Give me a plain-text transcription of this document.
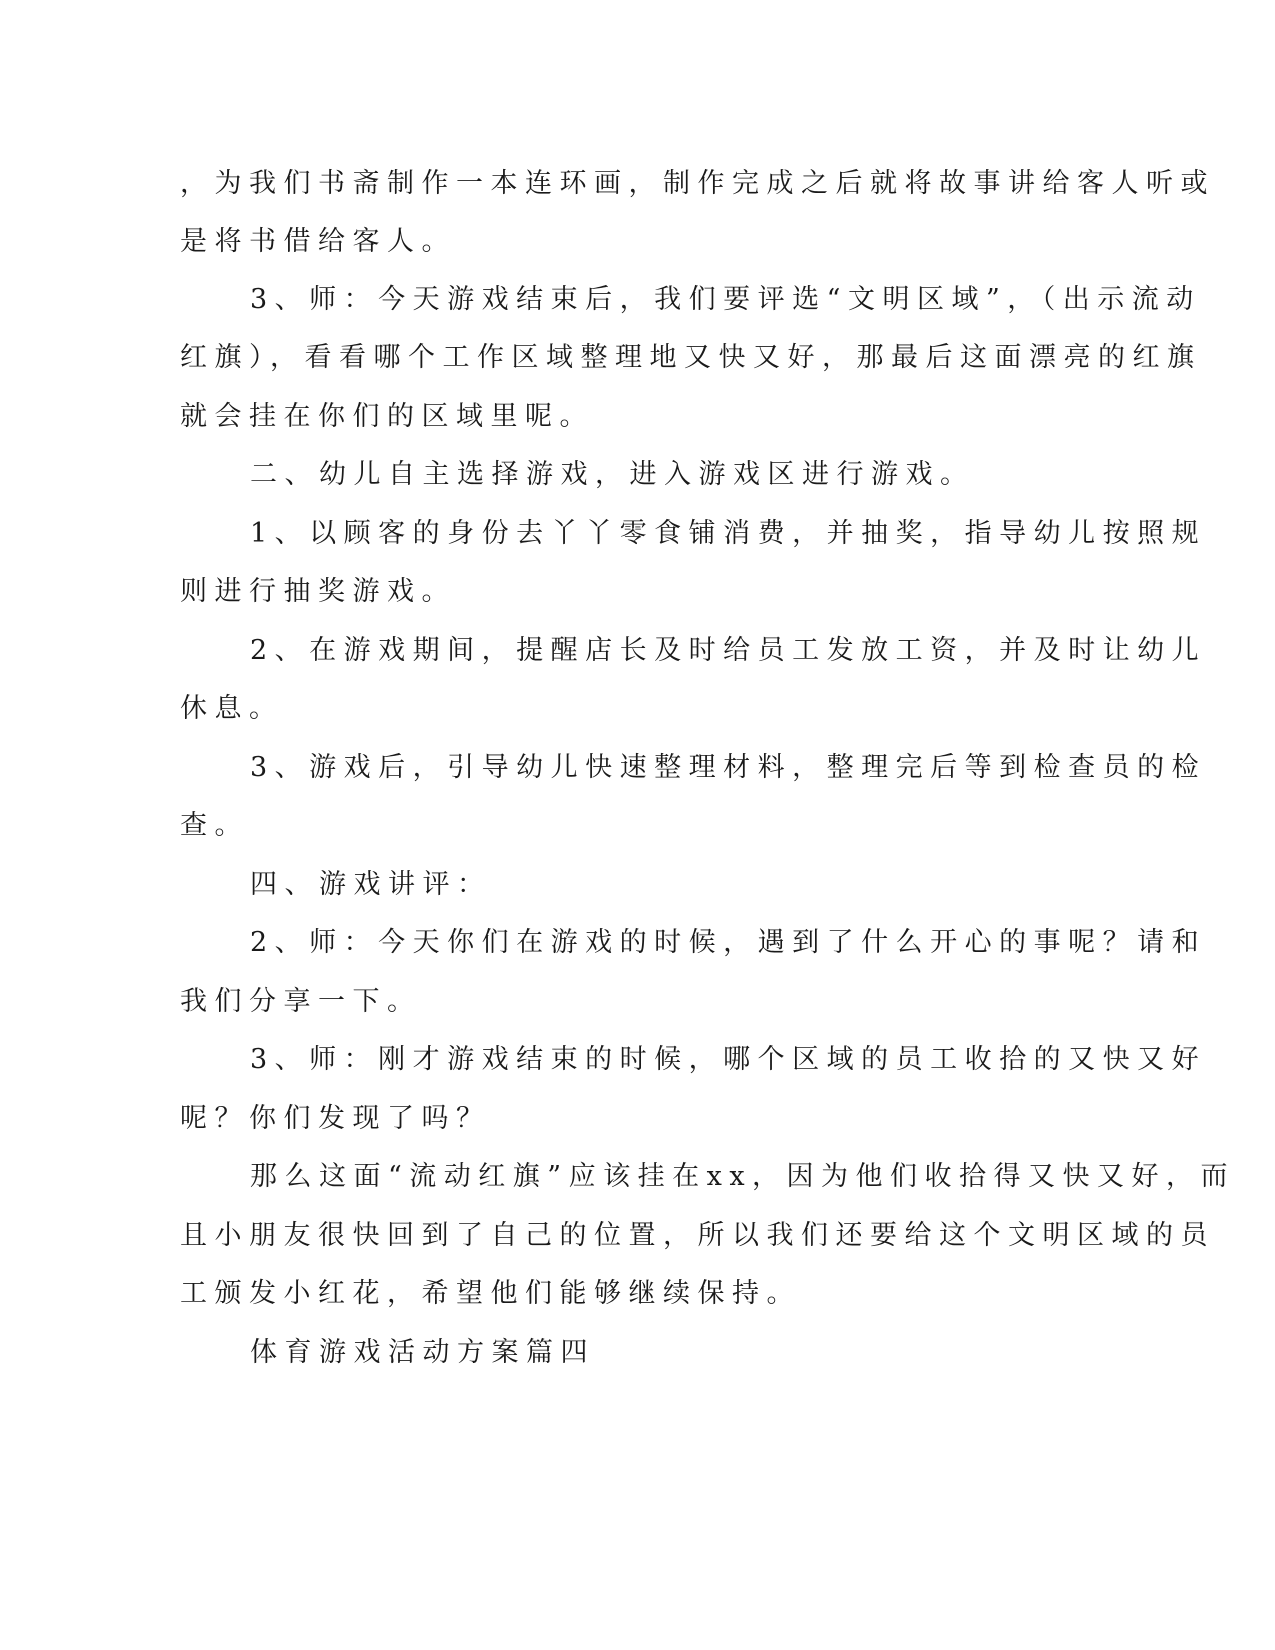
，为我们书斋制作一本连环画，制作完成之后就将故事讲给客人听或

是将书借给客人。

3、师：今天游戏结束后，我们要评选“文明区域”，（出示流动

红旗），看看哪个工作区域整理地又快又好，那最后这面漂亮的红旗

就会挂在你们的区域里呢。

二、幼儿自主选择游戏，进入游戏区进行游戏。

1、以顾客的身份去丫丫零食铺消费，并抽奖，指导幼儿按照规

则进行抽奖游戏。

2、在游戏期间，提醒店长及时给员工发放工资，并及时让幼儿

休息。

3、游戏后，引导幼儿快速整理材料，整理完后等到检查员的检

查。

四、游戏讲评：

2、师：今天你们在游戏的时候，遇到了什么开心的事呢？请和

我们分享一下。

3、师：刚才游戏结束的时候，哪个区域的员工收拾的又快又好

呢？你们发现了吗？

那么这面“流动红旗”应该挂在xx，因为他们收拾得又快又好，而

且小朋友很快回到了自己的位置，所以我们还要给这个文明区域的员

工颁发小红花，希望他们能够继续保持。

体育游戏活动方案篇四
